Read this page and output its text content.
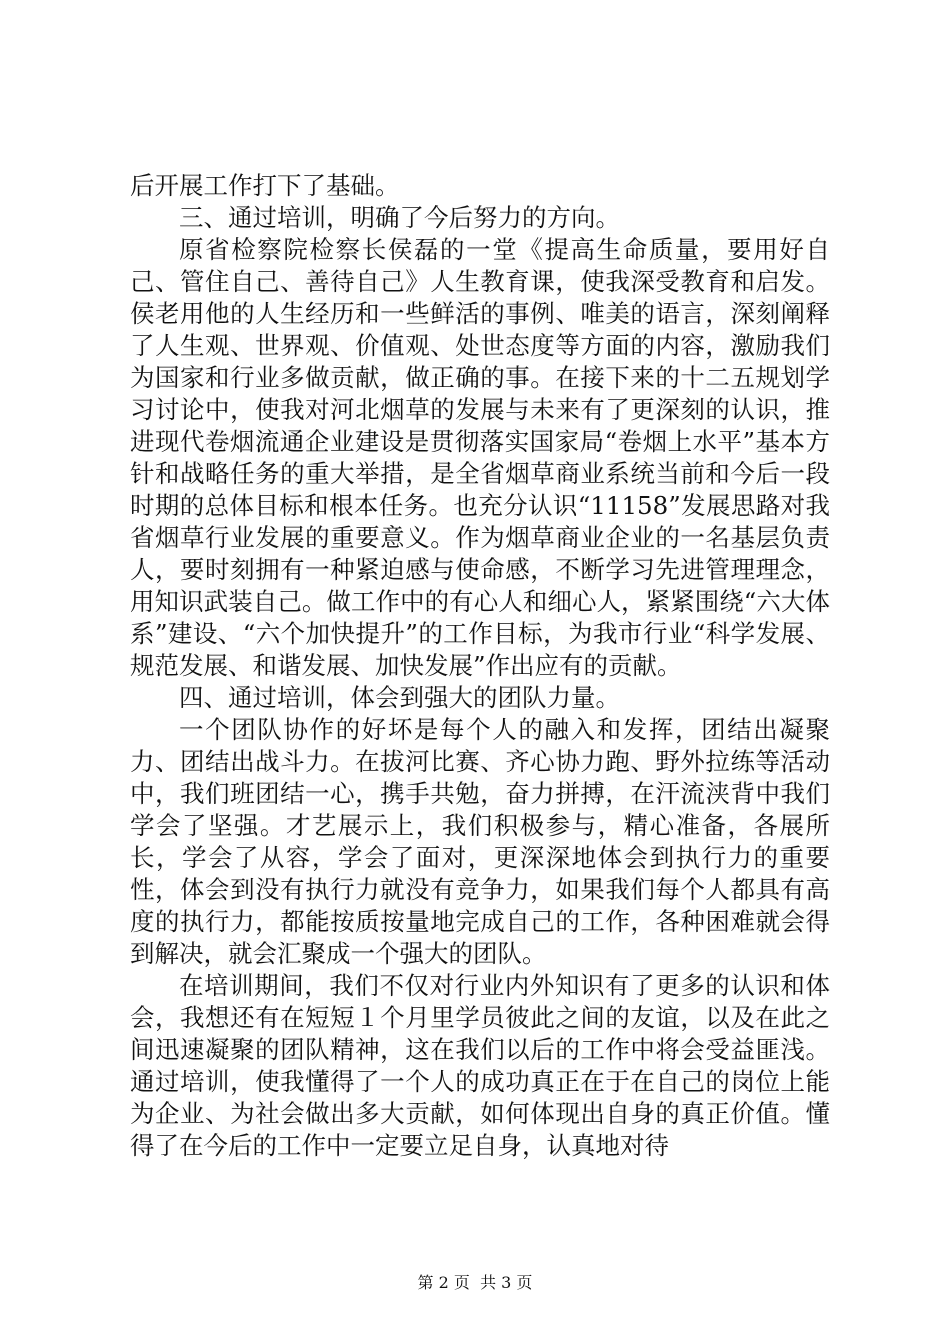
后开展工作打下了基础。

三、通过培训，明确了今后努力的方向。

原省检察院检察长侯磊的一堂《提高生命质量，要用好自己、管住自己、善待自己》人生教育课，使我深受教育和启发。侯老用他的人生经历和一些鲜活的事例、唯美的语言，深刻阐释了人生观、世界观、价值观、处世态度等方面的内容，激励我们为国家和行业多做贡献，做正确的事。在接下来的十二五规划学习讨论中，使我对河北烟草的发展与未来有了更深刻的认识，推进现代卷烟流通企业建设是贯彻落实国家局“卷烟上水平”基本方针和战略任务的重大举措，是全省烟草商业系统当前和今后一段时期的总体目标和根本任务。也充分认识“11158”发展思路对我省烟草行业发展的重要意义。作为烟草商业企业的一名基层负责人，要时刻拥有一种紧迫感与使命感，不断学习先进管理理念，用知识武装自己。做工作中的有心人和细心人，紧紧围绕“六大体系”建设、“六个加快提升”的工作目标，为我市行业“科学发展、规范发展、和谐发展、加快发展”作出应有的贡献。

四、通过培训，体会到强大的团队力量。

一个团队协作的好坏是每个人的融入和发挥，团结出凝聚力、团结出战斗力。在拔河比赛、齐心协力跑、野外拉练等活动中，我们班团结一心，携手共勉，奋力拼搏，在汗流浃背中我们学会了坚强。才艺展示上，我们积极参与，精心准备，各展所长，学会了从容，学会了面对，更深深地体会到执行力的重要性，体会到没有执行力就没有竞争力，如果我们每个人都具有高度的执行力，都能按质按量地完成自己的工作，各种困难就会得到解决，就会汇聚成一个强大的团队。

在培训期间，我们不仅对行业内外知识有了更多的认识和体会，我想还有在短短１个月里学员彼此之间的友谊，以及在此之间迅速凝聚的团队精神，这在我们以后的工作中将会受益匪浅。通过培训，使我懂得了一个人的成功真正在于在自己的岗位上能为企业、为社会做出多大贡献，如何体现出自身的真正价值。懂得了在今后的工作中一定要立足自身，认真地对待

第 2 页  共 3 页
